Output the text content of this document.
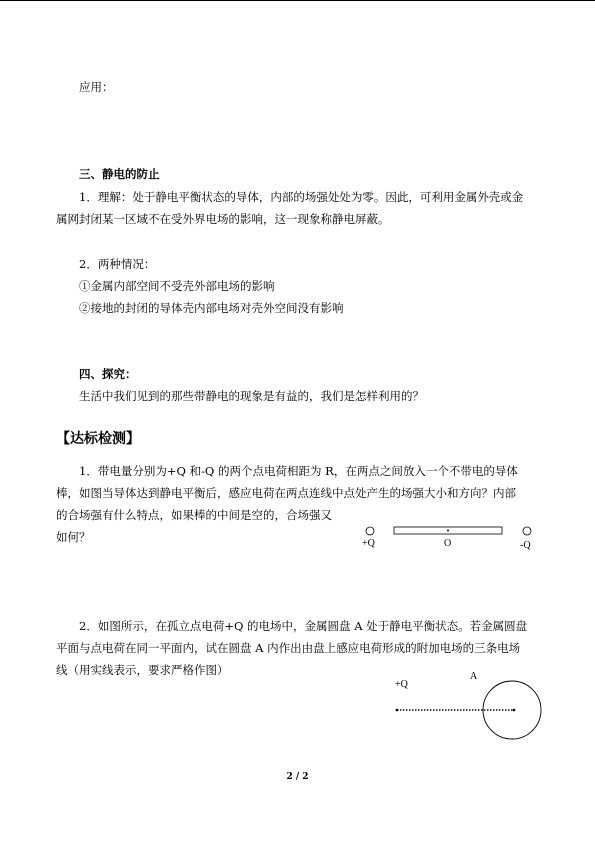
应用：
三、静电的防止
1．理解：处于静电平衡状态的导体，内部的场强处处为零。因此，可利用金属外壳或金
属网封闭某一区域不在受外界电场的影响，这一现象称静电屏蔽。
2．两种情况：
①金属内部空间不受壳外部电场的影响
②接地的封闭的导体壳内部电场对壳外空间没有影响
四、探究：
生活中我们见到的那些带静电的现象是有益的，我们是怎样利用的？
【达标检测】
1．带电量分别为+Q 和-Q 的两个点电荷相距为 R，在两点之间放入一个不带电的导体
棒，如图当导体达到静电平衡后，感应电荷在两点连线中点处产生的场强大小和方向？内部
的合场强有什么特点，如果棒的中间是空的，合场强又
如何？	+Q	O	-Q
2．如图所示，在孤立点电荷+Q 的电场中，金属圆盘 A 处于静电平衡状态。若金属圆盘
平面与点电荷在同一平面内，试在圆盘 A 内作出由盘上感应电荷形成的附加电场的三条电场
线（用实线表示，要求严格作图）
+Q
A
2 / 2
